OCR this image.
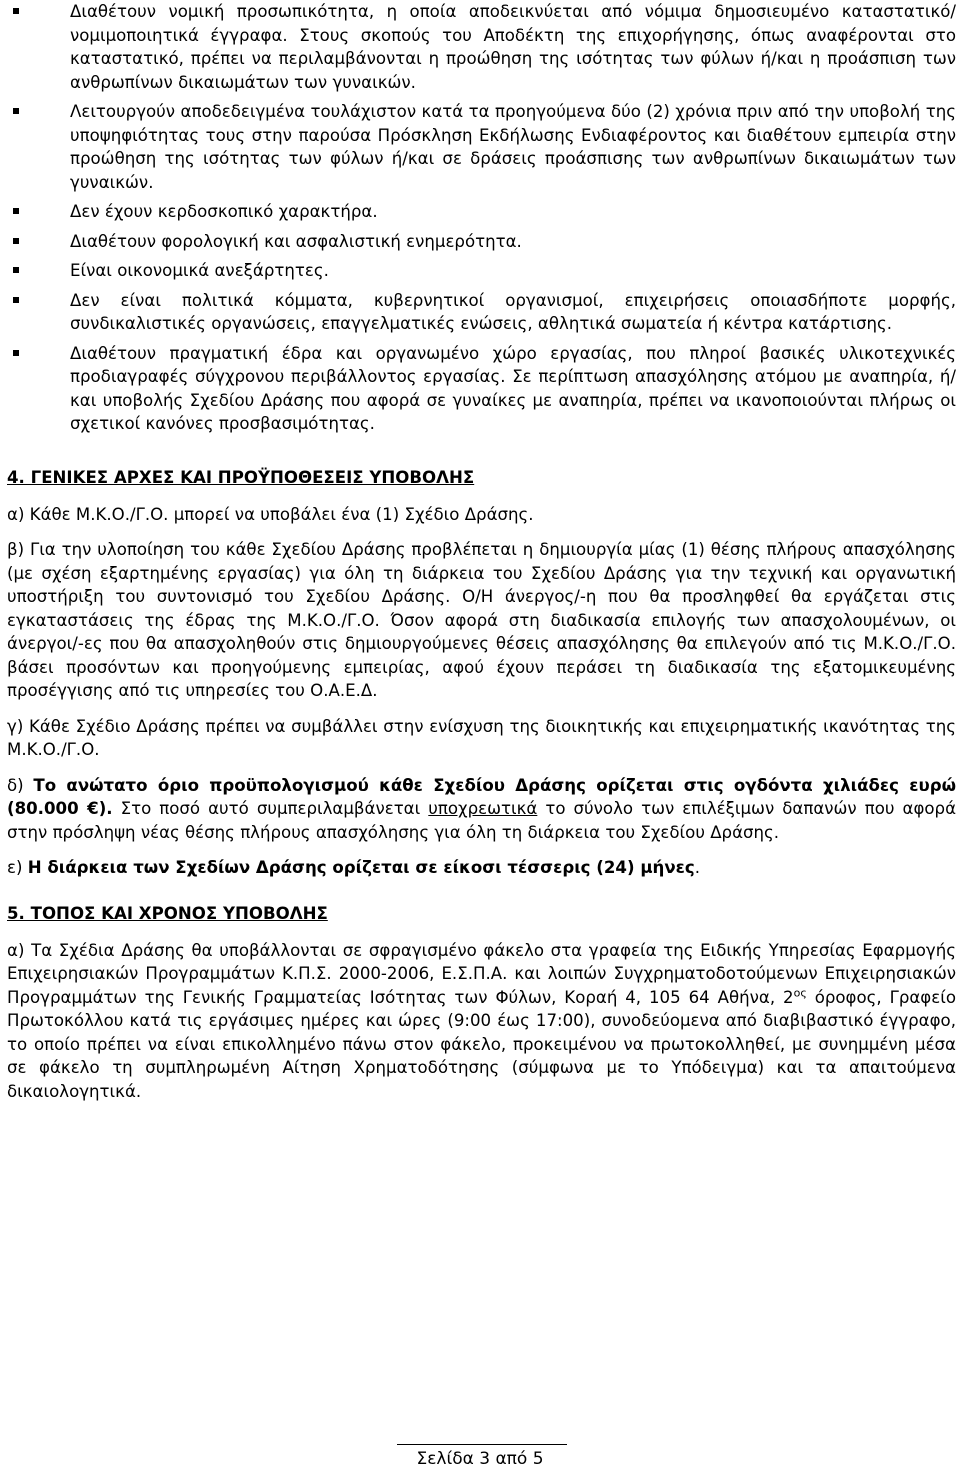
Διαθέτουν νομική προσωπικότητα, η οποία αποδεικνύεται από νόμιμα δημοσιευμένο καταστατικό/νομιμοποιητικά έγγραφα. Στους σκοπούς του Αποδέκτη της επιχορήγησης, όπως αναφέρονται στο καταστατικό, πρέπει να περιλαμβάνονται η προώθηση της ισότητας των φύλων ή/και η προάσπιση των ανθρωπίνων δικαιωμάτων των γυναικών.
Λειτουργούν αποδεδειγμένα τουλάχιστον κατά τα προηγούμενα δύο (2) χρόνια πριν από την υποβολή της υποψηφιότητας τους στην παρούσα Πρόσκληση Εκδήλωσης Ενδιαφέροντος και διαθέτουν εμπειρία στην προώθηση της ισότητας των φύλων ή/και σε δράσεις προάσπισης των ανθρωπίνων δικαιωμάτων των γυναικών.
Δεν έχουν κερδοσκοπικό χαρακτήρα.
Διαθέτουν φορολογική και ασφαλιστική ενημερότητα.
Είναι οικονομικά ανεξάρτητες.
Δεν είναι πολιτικά κόμματα, κυβερνητικοί οργανισμοί, επιχειρήσεις οποιασδήποτε μορφής, συνδικαλιστικές οργανώσεις, επαγγελματικές ενώσεις, αθλητικά σωματεία ή κέντρα κατάρτισης.
Διαθέτουν πραγματική έδρα και οργανωμένο χώρο εργασίας, που πληροί βασικές υλικοτεχνικές προδιαγραφές σύγχρονου περιβάλλοντος εργασίας. Σε περίπτωση απασχόλησης ατόμου με αναπηρία, ή/και υποβολής Σχεδίου Δράσης που αφορά σε γυναίκες με αναπηρία, πρέπει να ικανοποιούνται πλήρως οι σχετικοί κανόνες προσβασιμότητας.
4. ΓΕΝΙΚΕΣ ΑΡΧΕΣ ΚΑΙ ΠΡΟΫΠΟΘΕΣΕΙΣ ΥΠΟΒΟΛΗΣ

α) Κάθε Μ.Κ.Ο./Γ.Ο. μπορεί να υποβάλει ένα (1) Σχέδιο Δράσης.

β) Για την υλοποίηση του κάθε Σχεδίου Δράσης προβλέπεται η δημιουργία μίας (1) θέσης πλήρους απασχόλησης (με σχέση εξαρτημένης εργασίας) για όλη τη διάρκεια του Σχεδίου Δράσης για την τεχνική και οργανωτική υποστήριξη του συντονισμό του Σχεδίου Δράσης. Ο/Η άνεργος/-η που θα προσληφθεί θα εργάζεται στις εγκαταστάσεις της έδρας της Μ.Κ.Ο./Γ.Ο. Όσον αφορά στη διαδικασία επιλογής των απασχολουμένων, οι άνεργοι/-ες που θα απασχοληθούν στις δημιουργούμενες θέσεις απασχόλησης θα επιλεγούν από τις Μ.Κ.Ο./Γ.Ο. βάσει προσόντων και προηγούμενης εμπειρίας, αφού έχουν περάσει τη διαδικασία της εξατομικευμένης προσέγγισης από τις υπηρεσίες του Ο.Α.Ε.Δ.

γ) Κάθε Σχέδιο Δράσης πρέπει να συμβάλλει στην ενίσχυση της διοικητικής και επιχειρηματικής ικανότητας της Μ.Κ.Ο./Γ.Ο.

δ) Το ανώτατο όριο προϋπολογισμού κάθε Σχεδίου Δράσης ορίζεται στις ογδόντα χιλιάδες ευρώ (80.000 €). Στο ποσό αυτό συμπεριλαμβάνεται υποχρεωτικά το σύνολο των επιλέξιμων δαπανών που αφορά στην πρόσληψη νέας θέσης πλήρους απασχόλησης για όλη τη διάρκεια του Σχεδίου Δράσης.

ε) Η διάρκεια των Σχεδίων Δράσης ορίζεται σε είκοσι τέσσερις (24) μήνες.

5. ΤΟΠΟΣ ΚΑΙ ΧΡΟΝΟΣ ΥΠΟΒΟΛΗΣ

α) Τα Σχέδια Δράσης θα υποβάλλονται σε σφραγισμένο φάκελο στα γραφεία της Ειδικής Υπηρεσίας Εφαρμογής Επιχειρησιακών Προγραμμάτων Κ.Π.Σ. 2000-2006, Ε.Σ.Π.Α. και λοιπών Συγχρηματοδοτούμενων Επιχειρησιακών Προγραμμάτων της Γενικής Γραμματείας Ισότητας των Φύλων, Κοραή 4, 105 64 Αθήνα, $2^{o\varsigma}$ όροφος, Γραφείο Πρωτοκόλλου κατά τις εργάσιμες ημέρες και ώρες (9:00 έως 17:00), συνοδεύομενα από διαβιβαστικό έγγραφο, το οποίο πρέπει να είναι επικολλημένο πάνω στον φάκελο, προκειμένου να πρωτοκολληθεί, με συνημμένη μέσα σε φάκελο τη συμπληρωμένη Αίτηση Χρηματοδότησης (σύμφωνα με το Υπόδειγμα) και τα απαιτούμενα δικαιολογητικά.

Σελίδα 3 από 5
